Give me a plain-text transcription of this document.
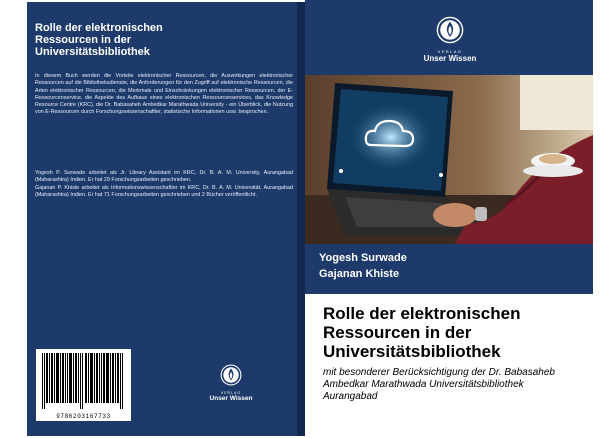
Rolle der elektronischen
Ressourcen in der
Universitätsbibliothek
In diesem Buch werden die Vorteile elektronischer Ressourcen, die Auswirkungen elektronischer Ressourcen auf die Bibliotheksdienste, die Anforderungen für den Zugriff auf elektronische Ressourcen, die Arten elektronischer Ressourcen, die Merkmale und Einschränkungen elektronischer Ressourcen, der E-Ressourcenservice, die Aspekte des Aufbaus eines elektronischen Ressourcenservices, das Knowledge Resource Centre (KRC), die Dr. Babasaheb Ambedkar Marathwada University - ein Überblick, die Nutzung von E-Ressourcen durch Forschungswissenschaftler, statistische Informationen usw. besprochen.

Yogesh P. Surwade arbeitet als Jr. Library Assistant im KRC, Dr. B. A. M. University, Aurangabad (Maharashtra) Indien. Er hat 29 Forschungsarbeiten geschrieben.

Gajanan P. Khiste arbeitet als Informationswissenschaftler im KRC, Dr. B. A. M. Universität, Aurangabad (Maharashtra) Indien. Er hat 71 Forschungsarbeiten geschrieben und 2 Bücher veröffentlicht.

VERLAG
Unser Wissen
9786203167733
VERLAG
Unser Wissen
Yogesh Surwade
Gajanan Khiste
Rolle der elektronischen
Ressourcen in der
Universitätsbibliothek
mit besonderer Berücksichtigung der Dr. Babasaheb
Ambedkar Marathwada Universitätsbibliothek
Aurangabad
